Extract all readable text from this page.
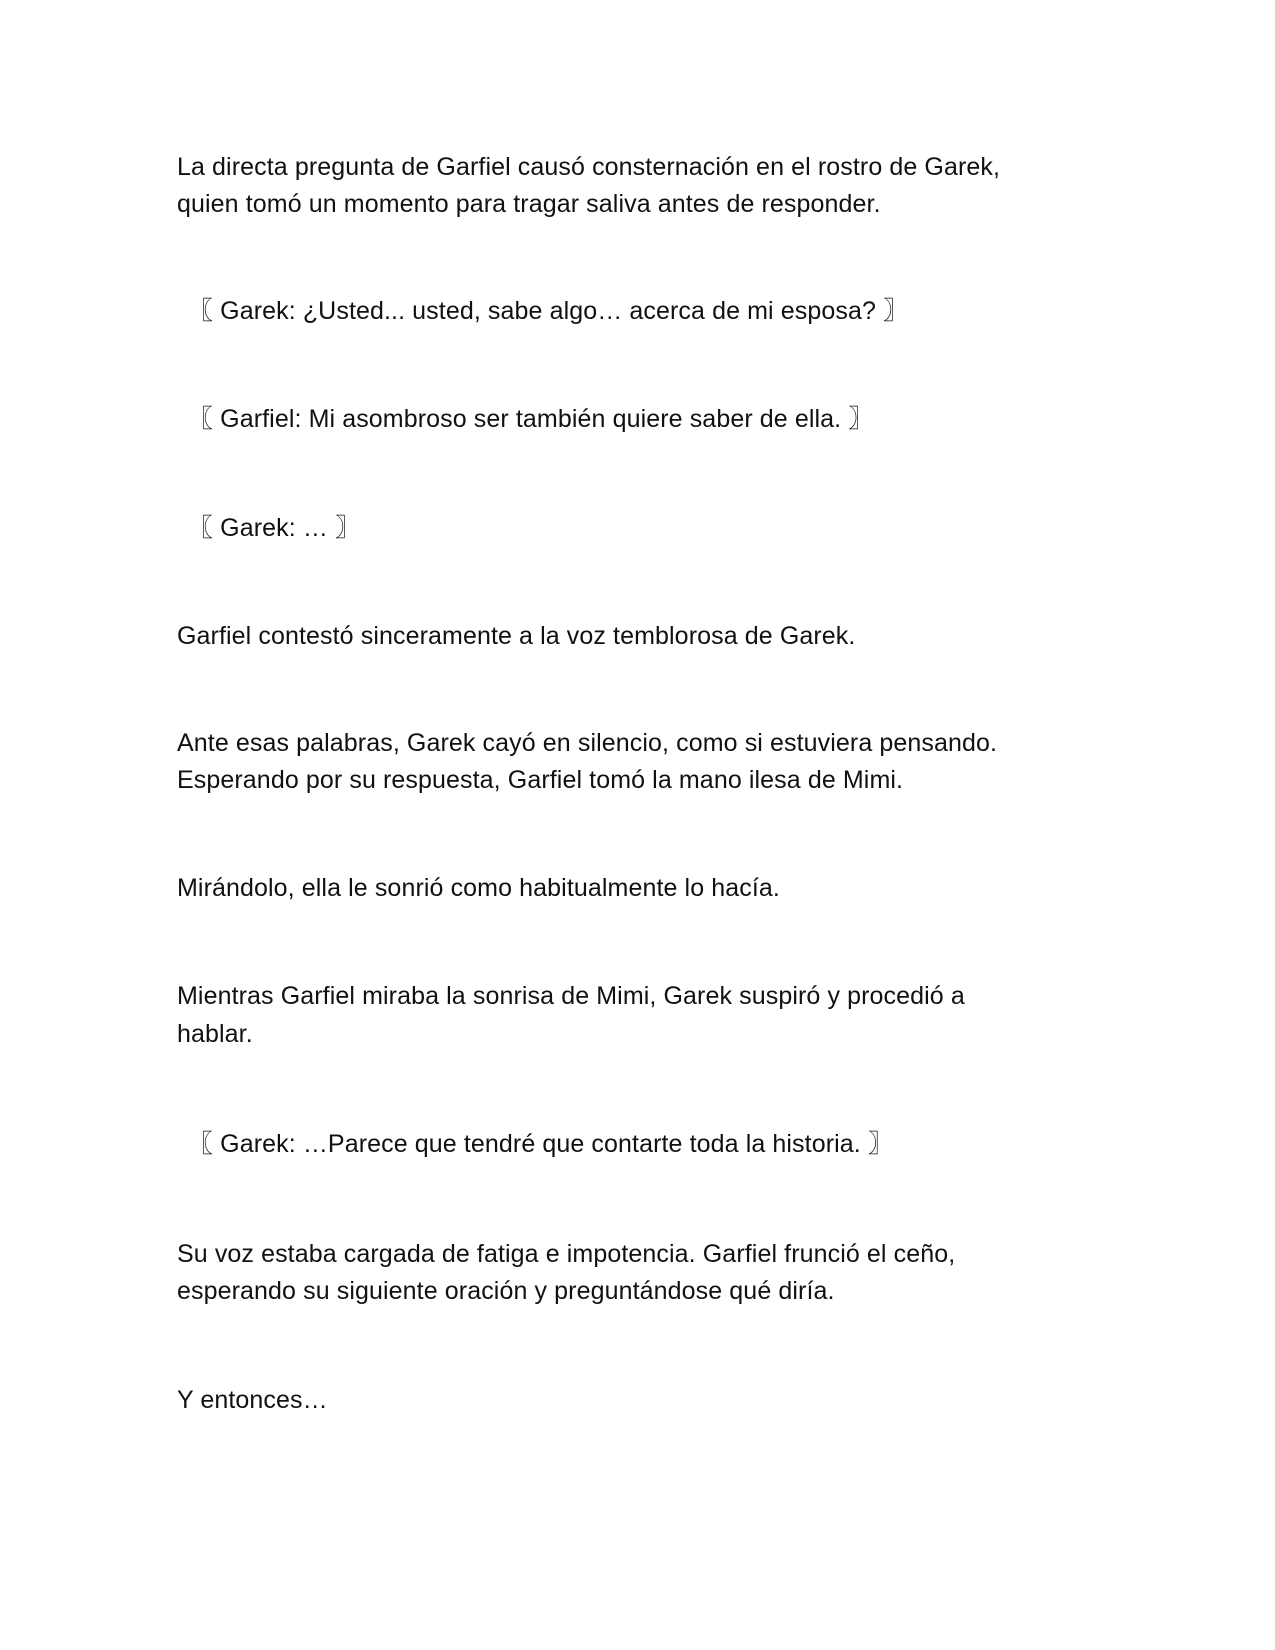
La directa pregunta de Garfiel causó consternación en el rostro de Garek,

quien tomó un momento para tragar saliva antes de responder.

〖 Garek: ¿Usted... usted, sabe algo… acerca de mi esposa? 〗

〖 Garfiel: Mi asombroso ser también quiere saber de ella. 〗

〖 Garek: … 〗

Garfiel contestó sinceramente a la voz temblorosa de Garek.

Ante esas palabras, Garek cayó en silencio, como si estuviera pensando.

Esperando por su respuesta, Garfiel tomó la mano ilesa de Mimi.

Mirándolo, ella le sonrió como habitualmente lo hacía.

Mientras Garfiel miraba la sonrisa de Mimi, Garek suspiró y procedió a

hablar.

〖 Garek: …Parece que tendré que contarte toda la historia. 〗

Su voz estaba cargada de fatiga e impotencia. Garfiel frunció el ceño,

esperando su siguiente oración y preguntándose qué diría.

Y entonces…
